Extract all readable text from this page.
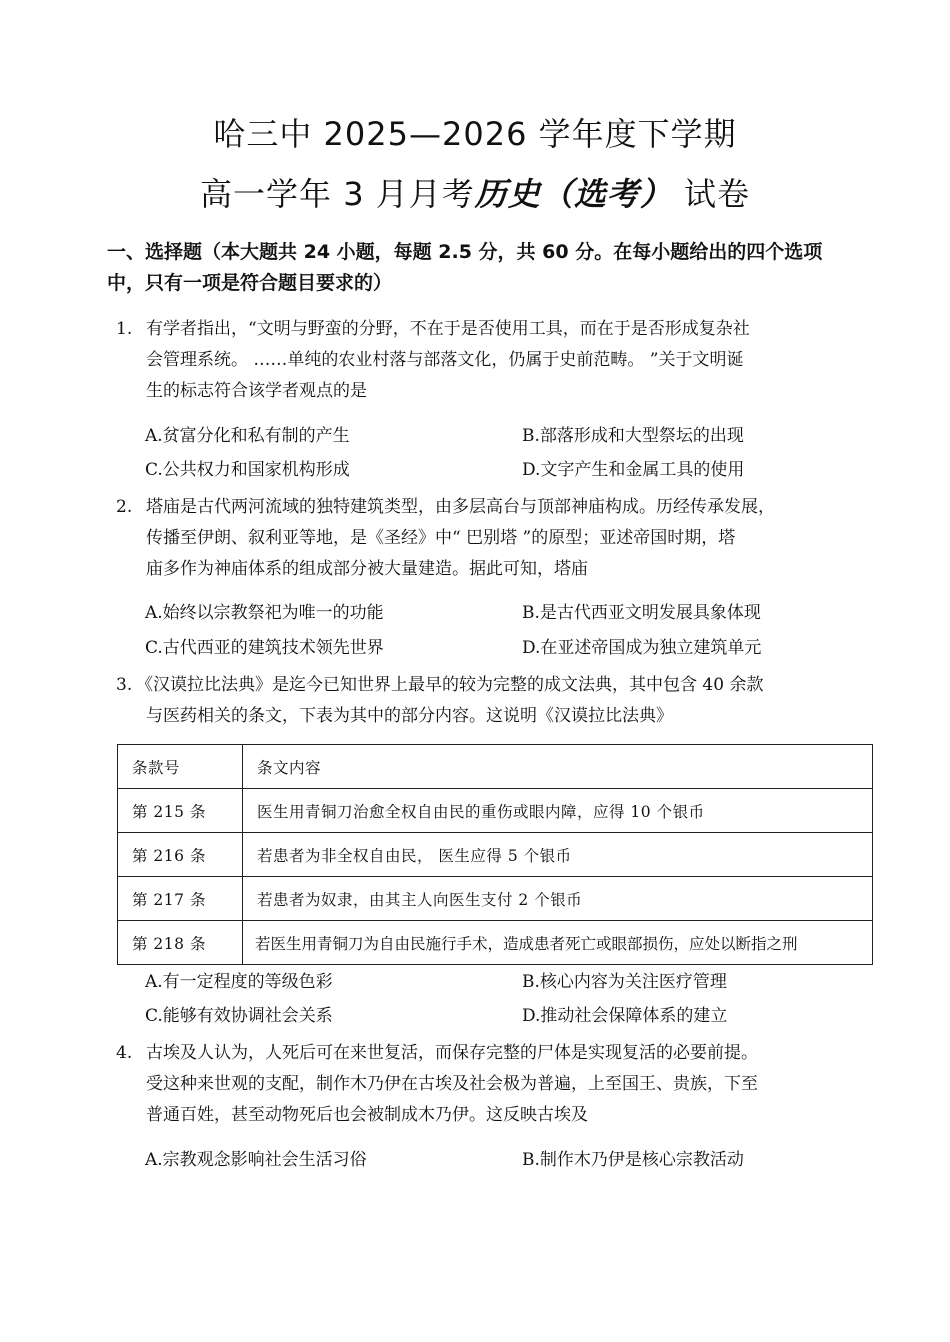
哈三中 2025—2026 学年度下学期
高一学年 3 月月考历史（选考） 试卷
一、选择题（本大题共 24 小题，每题 2.5 分，共 60 分。在每小题给出的四个选项中，只有一项是符合题目要求的）
1. 有学者指出，“文明与野蛮的分野，不在于是否使用工具，而在于是否形成复杂社
会管理系统。 ……单纯的农业村落与部落文化，仍属于史前范畴。 ”关于文明诞
生的标志符合该学者观点的是
A.贫富分化和私有制的产生	B.部落形成和大型祭坛的出现
C.公共权力和国家机构形成	D.文字产生和金属工具的使用
2. 塔庙是古代两河流域的独特建筑类型，由多层高台与顶部神庙构成。历经传承发展，
传播至伊朗、叙利亚等地，是《圣经》中“ 巴别塔 ”的原型；亚述帝国时期，塔
庙多作为神庙体系的组成部分被大量建造。据此可知，塔庙
A.始终以宗教祭祀为唯一的功能	B.是古代西亚文明发展具象体现
C.古代西亚的建筑技术领先世界	D.在亚述帝国成为独立建筑单元
3. 《汉谟拉比法典》是迄今已知世界上最早的较为完整的成文法典，其中包含 40 余款
与医药相关的条文，下表为其中的部分内容。这说明《汉谟拉比法典》
条款号	条文内容
第 215 条	医生用青铜刀治愈全权自由民的重伤或眼内障，应得 10 个银币
第 216 条	若患者为非全权自由民， 医生应得 5 个银币
第 217 条	若患者为奴隶，由其主人向医生支付 2 个银币
第 218 条	若医生用青铜刀为自由民施行手术，造成患者死亡或眼部损伤，应处以断指之刑
A.有一定程度的等级色彩	B.核心内容为关注医疗管理
C.能够有效协调社会关系	D.推动社会保障体系的建立
4. 古埃及人认为，人死后可在来世复活，而保存完整的尸体是实现复活的必要前提。
受这种来世观的支配，制作木乃伊在古埃及社会极为普遍，上至国王、贵族，下至
普通百姓，甚至动物死后也会被制成木乃伊。这反映古埃及
A.宗教观念影响社会生活习俗	B.制作木乃伊是核心宗教活动
